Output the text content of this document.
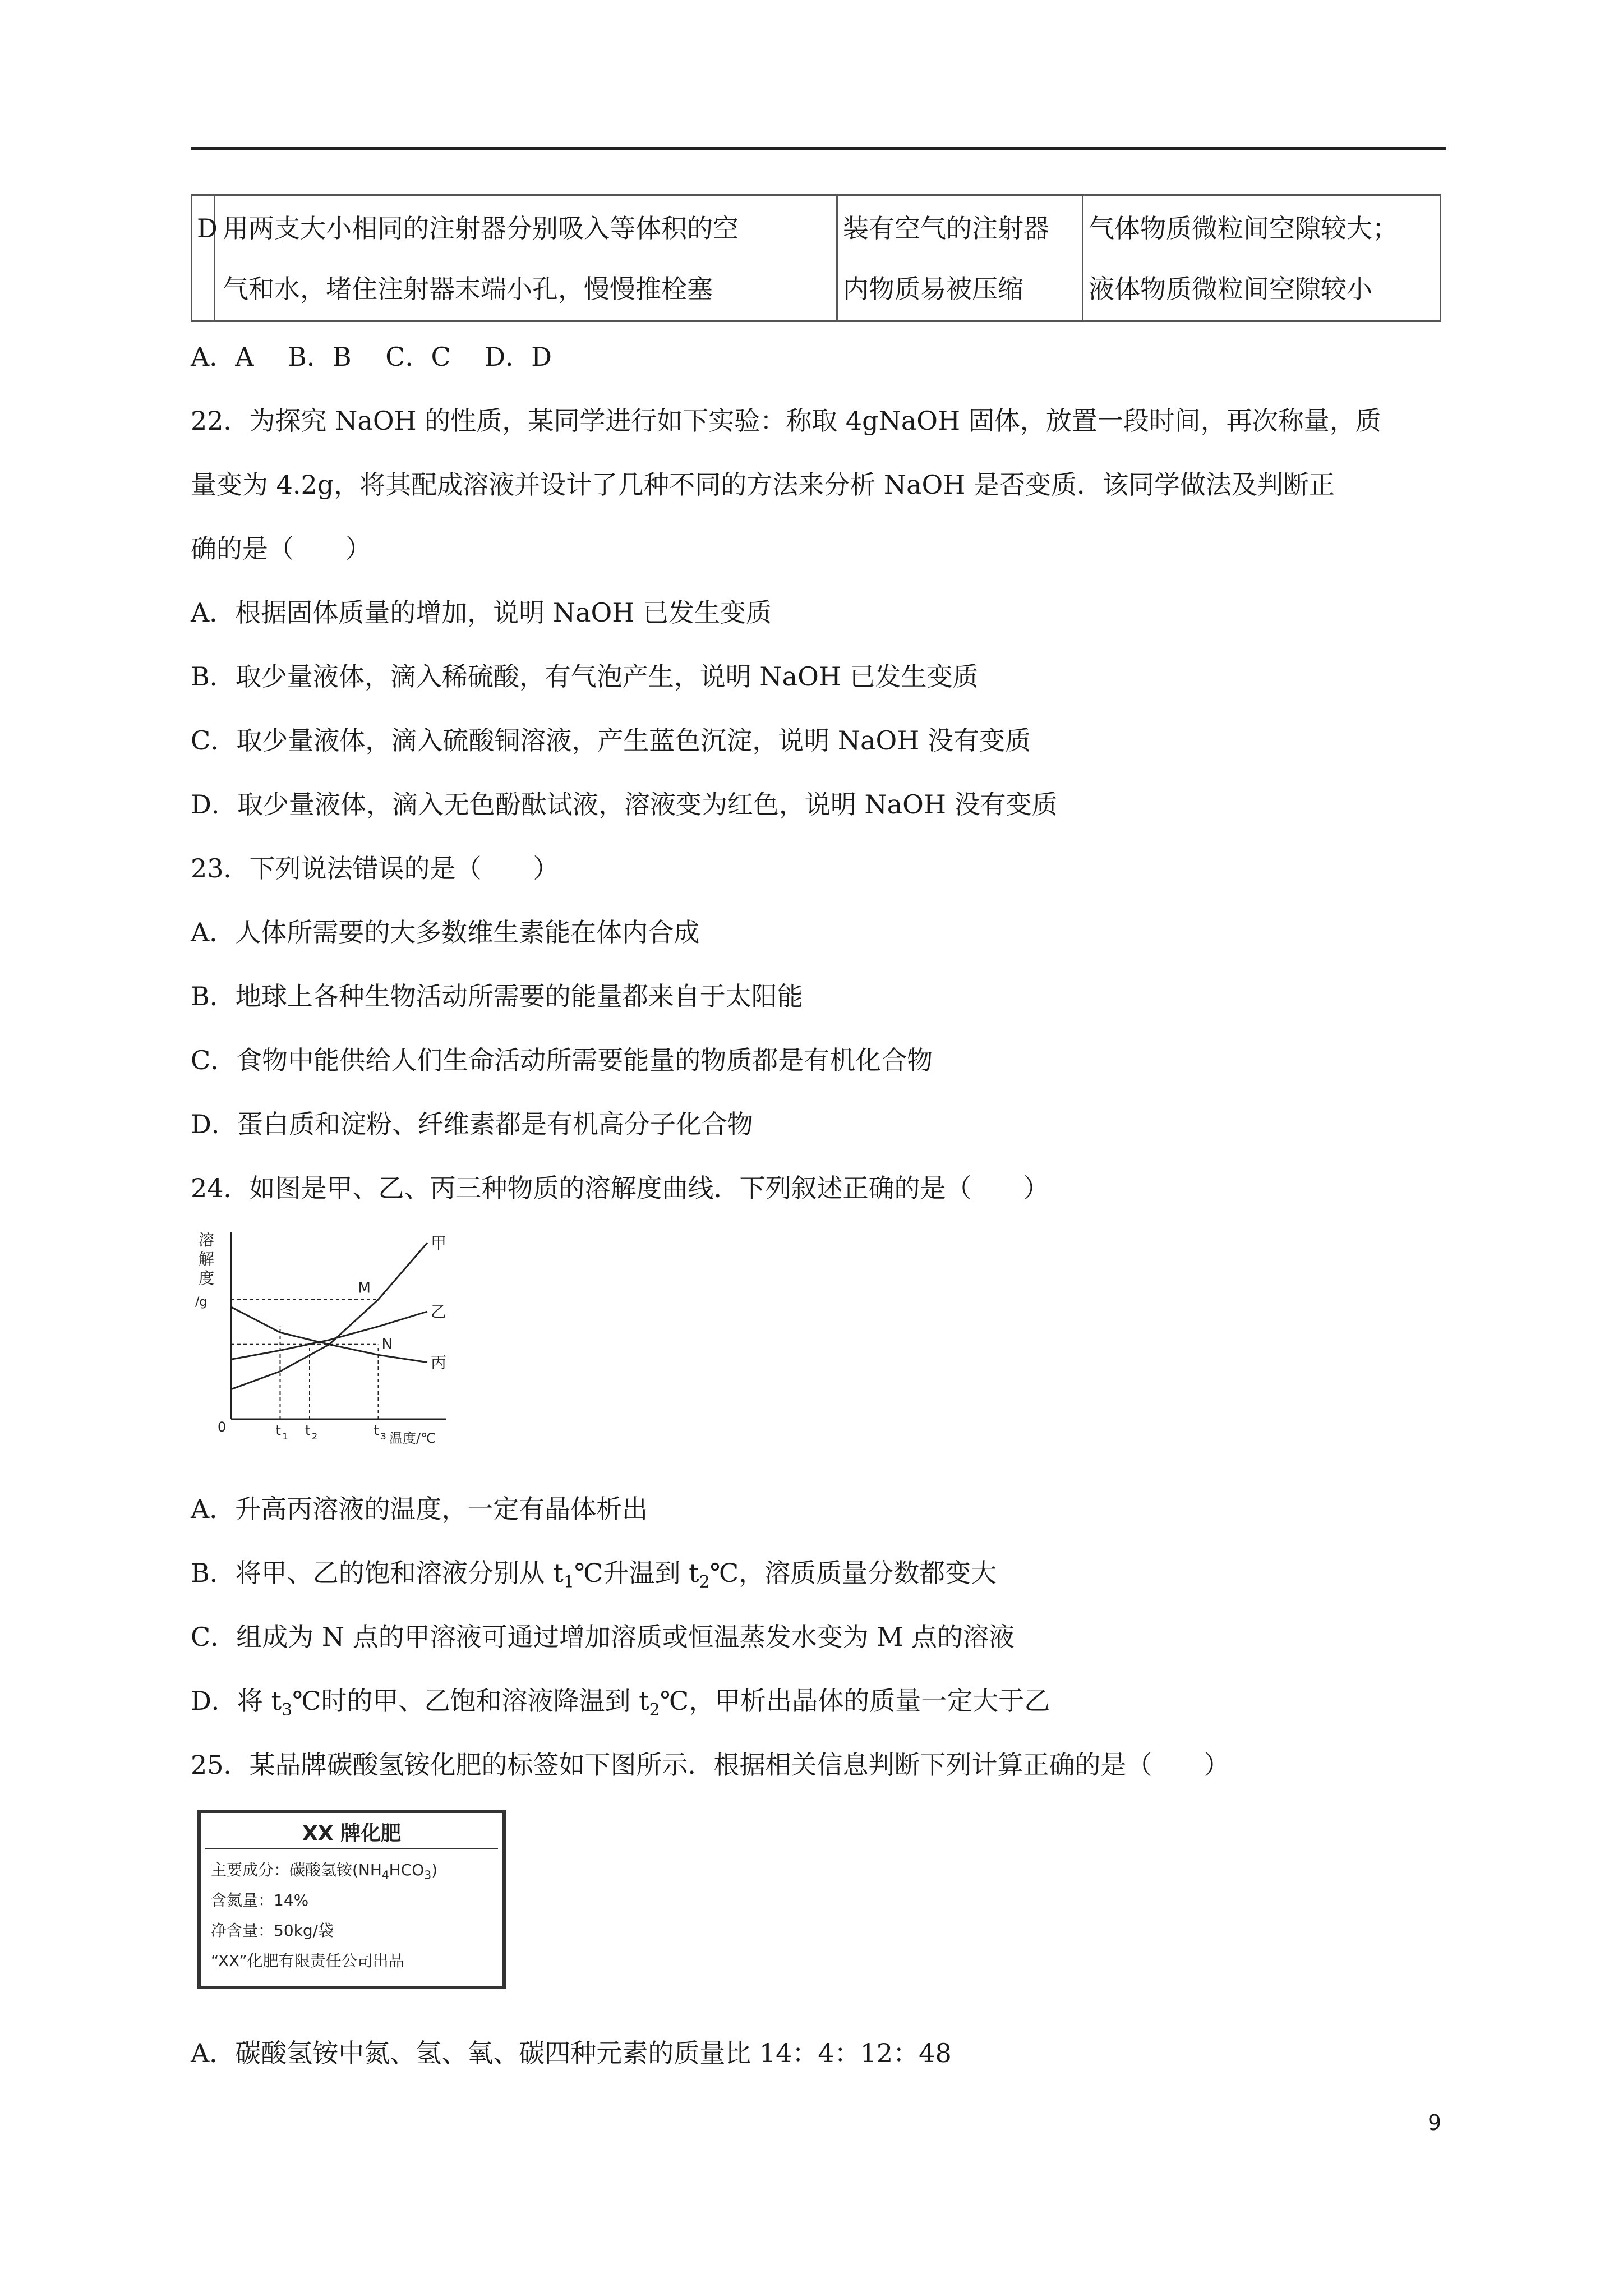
D 用两支大小相同的注射器分别吸入等体积的空
气和水，堵住注射器末端小孔，慢慢推栓塞
装有空气的注射器
内物质易被压缩
气体物质微粒间空隙较大；
液体物质微粒间空隙较小
A．A　 B．B　 C．C　 D．D
22．为探究 NaOH 的性质，某同学进行如下实验：称取 4gNaOH 固体，放置一段时间，再次称量，质
量变为 4.2g，将其配成溶液并设计了几种不同的方法来分析 NaOH 是否变质．该同学做法及判断正
确的是（　　）
A．根据固体质量的增加，说明 NaOH 已发生变质
B．取少量液体，滴入稀硫酸，有气泡产生，说明 NaOH 已发生变质
C．取少量液体，滴入硫酸铜溶液，产生蓝色沉淀，说明 NaOH 没有变质
D．取少量液体，滴入无色酚酞试液，溶液变为红色，说明 NaOH 没有变质
23．下列说法错误的是（　　）
A．人体所需要的大多数维生素能在体内合成
B．地球上各种生物活动所需要的能量都来自于太阳能
C．食物中能供给人们生命活动所需要能量的物质都是有机化合物
D．蛋白质和淀粉、纤维素都是有机高分子化合物
24．如图是甲、乙、丙三种物质的溶解度曲线．下列叙述正确的是（　　）
溶
解
度
/g
温度/℃
0
甲
乙
丙
t 1 t 2	t 3
M
N
A．升高丙溶液的温度，一定有晶体析出
B．将甲、乙的饱和溶液分别从 $t_1℃$升温到 $t_2℃$，溶质质量分数都变大
C．组成为 N 点的甲溶液可通过增加溶质或恒温蒸发水变为 M 点的溶液
D．将 $t_3℃$时的甲、乙饱和溶液降温到 $t_2℃$，甲析出晶体的质量一定大于乙
25．某品牌碳酸氢铵化肥的标签如下图所示．根据相关信息判断下列计算正确的是（　　）
XX 牌化肥
主要成分：碳酸氢铵$(NH_4HCO_3)$
含氮量：14%
净含量：50kg/袋
“XX”化肥有限责任公司出品
A．碳酸氢铵中氮、氢、氧、碳四种元素的质量比 14：4：12：48
9
